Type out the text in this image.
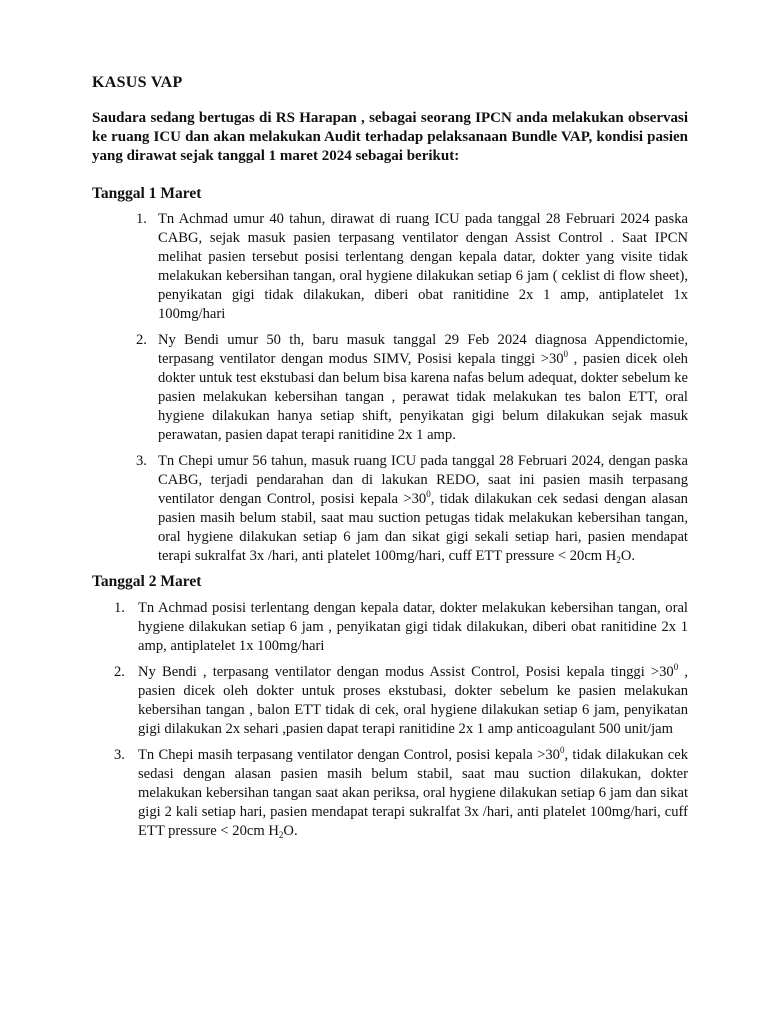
KASUS VAP

Saudara sedang bertugas di RS Harapan , sebagai seorang IPCN anda melakukan observasi ke ruang ICU dan akan melakukan Audit terhadap pelaksanaan Bundle VAP, kondisi pasien yang dirawat sejak tanggal 1 maret 2024 sebagai berikut:

Tanggal 1 Maret

1. Tn Achmad umur 40 tahun, dirawat di ruang ICU pada tanggal 28 Februari 2024 paska CABG, sejak masuk pasien terpasang ventilator dengan Assist Control . Saat IPCN melihat pasien tersebut posisi terlentang dengan kepala datar, dokter yang visite tidak melakukan kebersihan tangan, oral hygiene dilakukan setiap 6 jam ( ceklist di flow sheet), penyikatan gigi tidak dilakukan, diberi obat ranitidine 2x 1 amp, antiplatelet 1x 100mg/hari
2. Ny Bendi umur 50 th, baru masuk tanggal 29 Feb 2024 diagnosa Appendictomie, terpasang ventilator dengan modus SIMV, Posisi kepala tinggi $>30^0$ , pasien dicek oleh dokter untuk test ekstubasi dan belum bisa karena nafas belum adequat, dokter sebelum ke pasien melakukan kebersihan tangan , perawat tidak melakukan tes balon ETT, oral hygiene dilakukan hanya setiap shift, penyikatan gigi belum dilakukan sejak masuk perawatan, pasien dapat terapi ranitidine 2x 1 amp.
3. Tn Chepi umur 56 tahun, masuk ruang ICU pada tanggal 28 Februari 2024, dengan paska CABG, terjadi pendarahan dan di lakukan REDO, saat ini pasien masih terpasang ventilator dengan Control, posisi kepala $>30^0$, tidak dilakukan cek sedasi dengan alasan pasien masih belum stabil, saat mau suction petugas tidak melakukan kebersihan tangan, oral hygiene dilakukan setiap 6 jam dan sikat gigi sekali setiap hari, pasien mendapat terapi sukralfat 3x /hari, anti platelet 100mg/hari, cuff ETT pressure < 20cm $H_2O$.

Tanggal 2 Maret

1. Tn Achmad posisi terlentang dengan kepala datar, dokter melakukan kebersihan tangan, oral hygiene dilakukan setiap 6 jam , penyikatan gigi tidak dilakukan, diberi obat ranitidine 2x 1 amp, antiplatelet 1x 100mg/hari
2. Ny Bendi , terpasang ventilator dengan modus Assist Control, Posisi kepala tinggi $>30^0$ , pasien dicek oleh dokter untuk proses ekstubasi, dokter sebelum ke pasien melakukan kebersihan tangan , balon ETT tidak di cek, oral hygiene dilakukan setiap 6 jam, penyikatan gigi dilakukan 2x sehari ,pasien dapat terapi ranitidine 2x 1 amp anticoagulant 500 unit/jam
3. Tn Chepi masih terpasang ventilator dengan Control, posisi kepala $>30^0$, tidak dilakukan cek sedasi dengan alasan pasien masih belum stabil, saat mau suction dilakukan, dokter melakukan kebersihan tangan saat akan periksa, oral hygiene dilakukan setiap 6 jam dan sikat gigi 2 kali setiap hari, pasien mendapat terapi sukralfat 3x /hari, anti platelet 100mg/hari, cuff ETT pressure < 20cm $H_2O$.
